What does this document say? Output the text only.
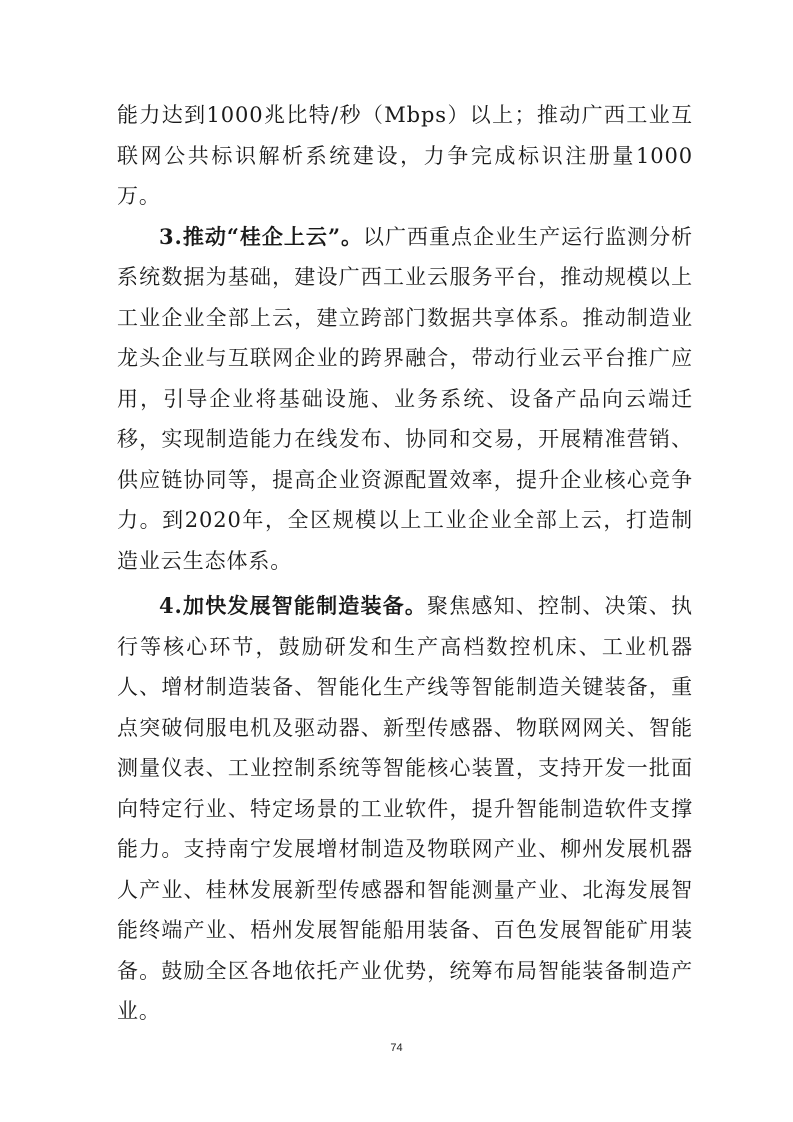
能力达到1000兆比特/秒（Mbps）以上；推动广西工业互联网公共标识解析系统建设，力争完成标识注册量1000万。

3.推动“桂企上云”。以广西重点企业生产运行监测分析系统数据为基础，建设广西工业云服务平台，推动规模以上工业企业全部上云，建立跨部门数据共享体系。推动制造业龙头企业与互联网企业的跨界融合，带动行业云平台推广应用，引导企业将基础设施、业务系统、设备产品向云端迁移，实现制造能力在线发布、协同和交易，开展精准营销、供应链协同等，提高企业资源配置效率，提升企业核心竞争力。到2020年，全区规模以上工业企业全部上云，打造制造业云生态体系。

4.加快发展智能制造装备。聚焦感知、控制、决策、执行等核心环节，鼓励研发和生产高档数控机床、工业机器人、增材制造装备、智能化生产线等智能制造关键装备，重点突破伺服电机及驱动器、新型传感器、物联网网关、智能测量仪表、工业控制系统等智能核心装置，支持开发一批面向特定行业、特定场景的工业软件，提升智能制造软件支撑能力。支持南宁发展增材制造及物联网产业、柳州发展机器人产业、桂林发展新型传感器和智能测量产业、北海发展智能终端产业、梧州发展智能船用装备、百色发展智能矿用装备。鼓励全区各地依托产业优势，统筹布局智能装备制造产业。

74
